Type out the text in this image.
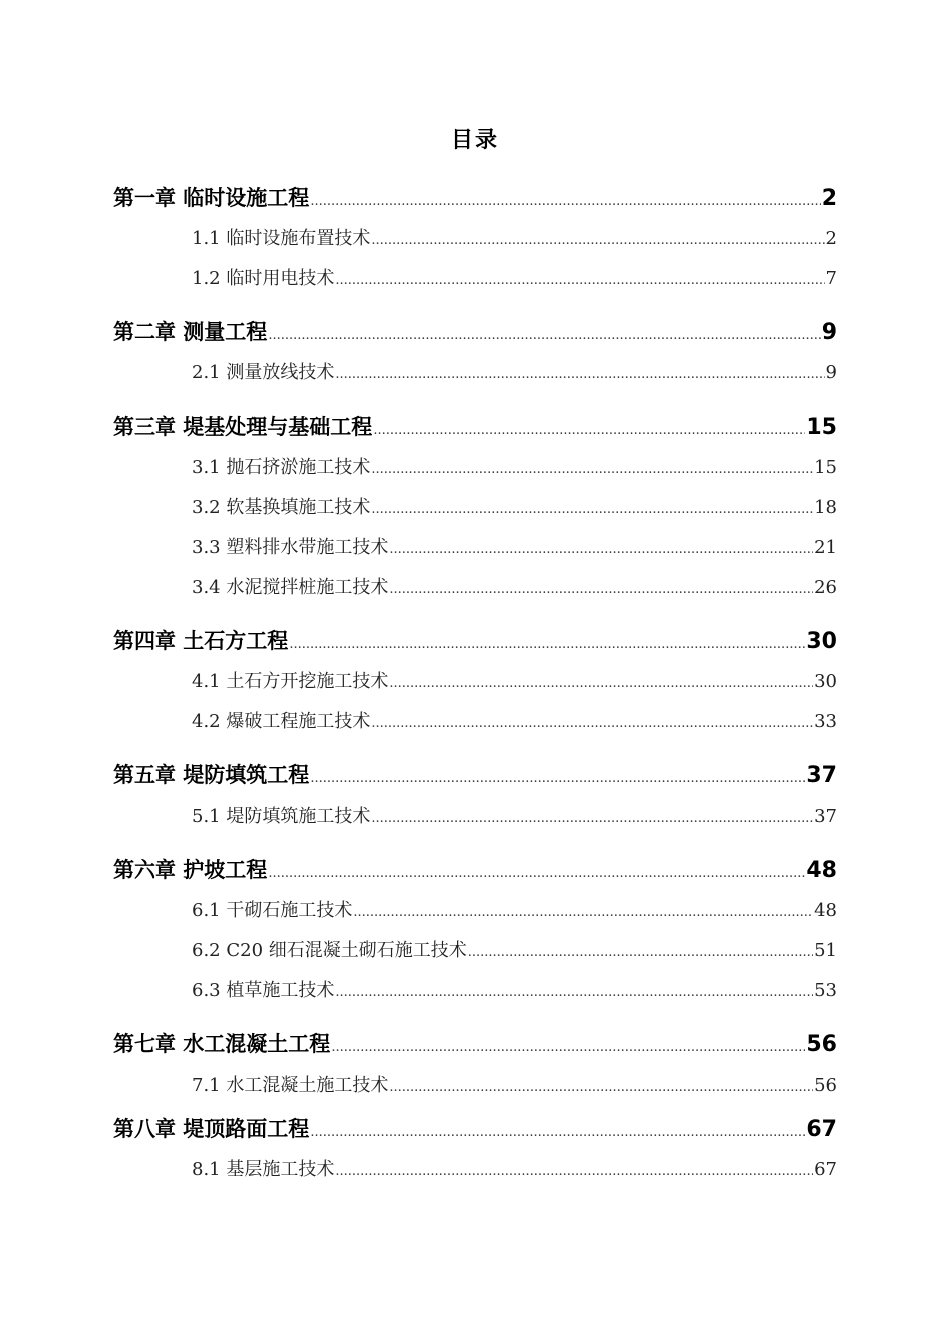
目录
第一章 临时设施工程 .....	2
1.1 临时设施布置技术 .....	2
1.2 临时用电技术 .....	7
第二章 测量工程 .....	9
2.1 测量放线技术 .....	9
第三章 堤基处理与基础工程 .....	15
3.1 抛石挤淤施工技术 .....	15
3.2 软基换填施工技术 .....	18
3.3 塑料排水带施工技术 .....	21
3.4 水泥搅拌桩施工技术 .....	26
第四章 土石方工程 .....	30
4.1 土石方开挖施工技术 .....	30
4.2 爆破工程施工技术 .....	33
第五章 堤防填筑工程 .....	37
5.1 堤防填筑施工技术 .....	37
第六章 护坡工程 .....	48
6.1 干砌石施工技术 .....	48
6.2 C20 细石混凝土砌石施工技术 .....	51
6.3 植草施工技术 .....	53
第七章 水工混凝土工程 .....	56
7.1 水工混凝土施工技术 .....	56
第八章 堤顶路面工程 .....	67
8.1 基层施工技术 .....	67
